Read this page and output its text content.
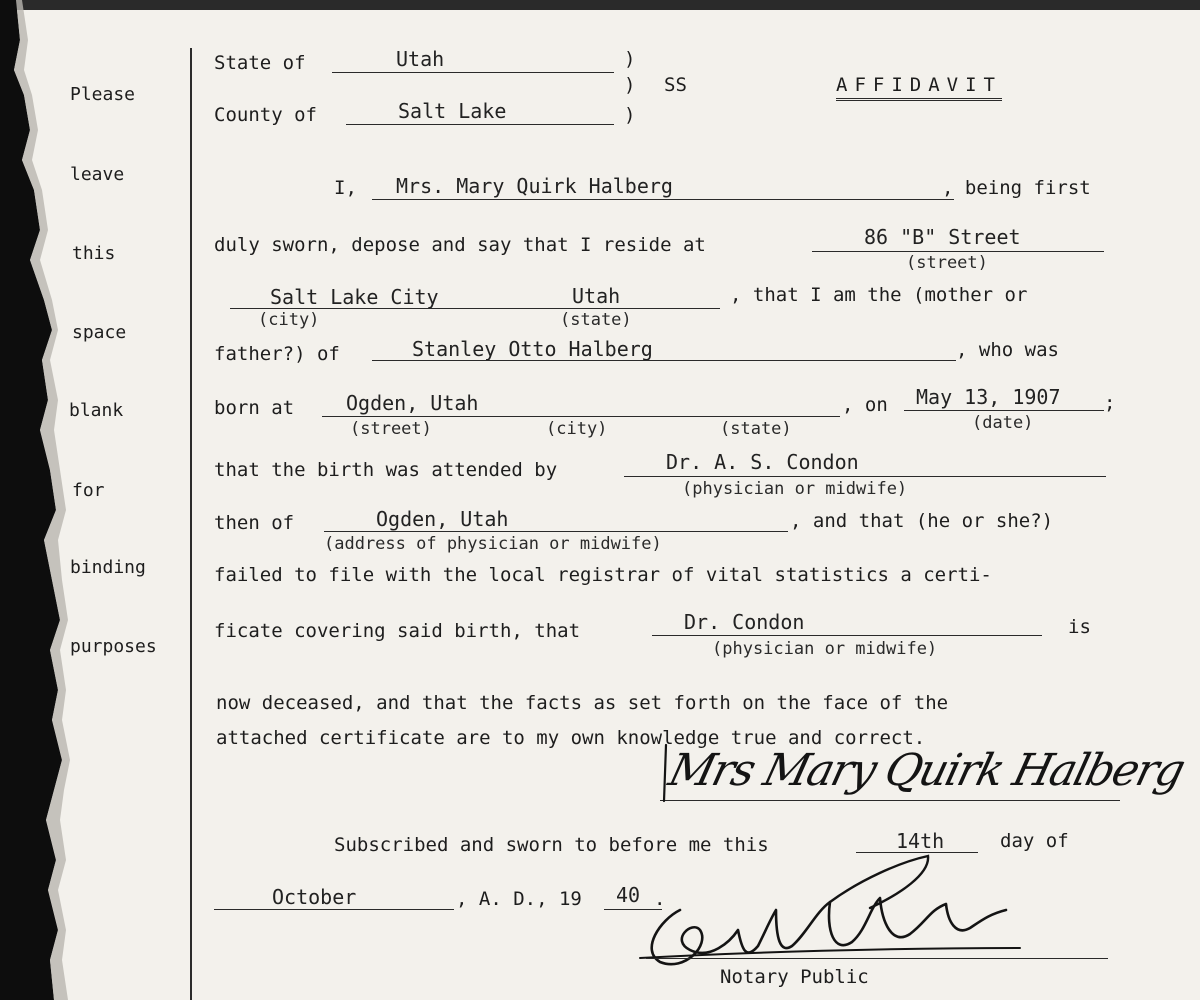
Please
leave
this
space
blank
for
binding
purposes
State of	Utah	)
) SS	AFFIDAVIT
County of	Salt Lake	)
I, Mrs. Mary Quirk Halberg	, being first
duly sworn, depose and say that I reside at	86 "B" Street
(street)
Salt Lake City	Utah
(city)	(state)
, that I am the (mother or
father?) of	Stanley Otto Halberg	, who was
born at	Ogden, Utah
(street)	(city)	(state)
, on May 13, 1907 ;
(date)
that the birth was attended by	Dr. A. S. Condon
(physician or midwife)
then of	Ogden, Utah
(address of physician or midwife)
, and that (he or she?)
failed to file with the local registrar of vital statistics a certi-
ficate covering said birth, that	Dr. Condon	is
(physician or midwife)
now deceased, and that the facts as set forth on the face of the
attached certificate are to my own knowledge true and correct.
Mrs Mary Quirk Halberg
Subscribed and sworn to before me this	14th	day of
October	, A. D., 19 40 .
Notary Public
